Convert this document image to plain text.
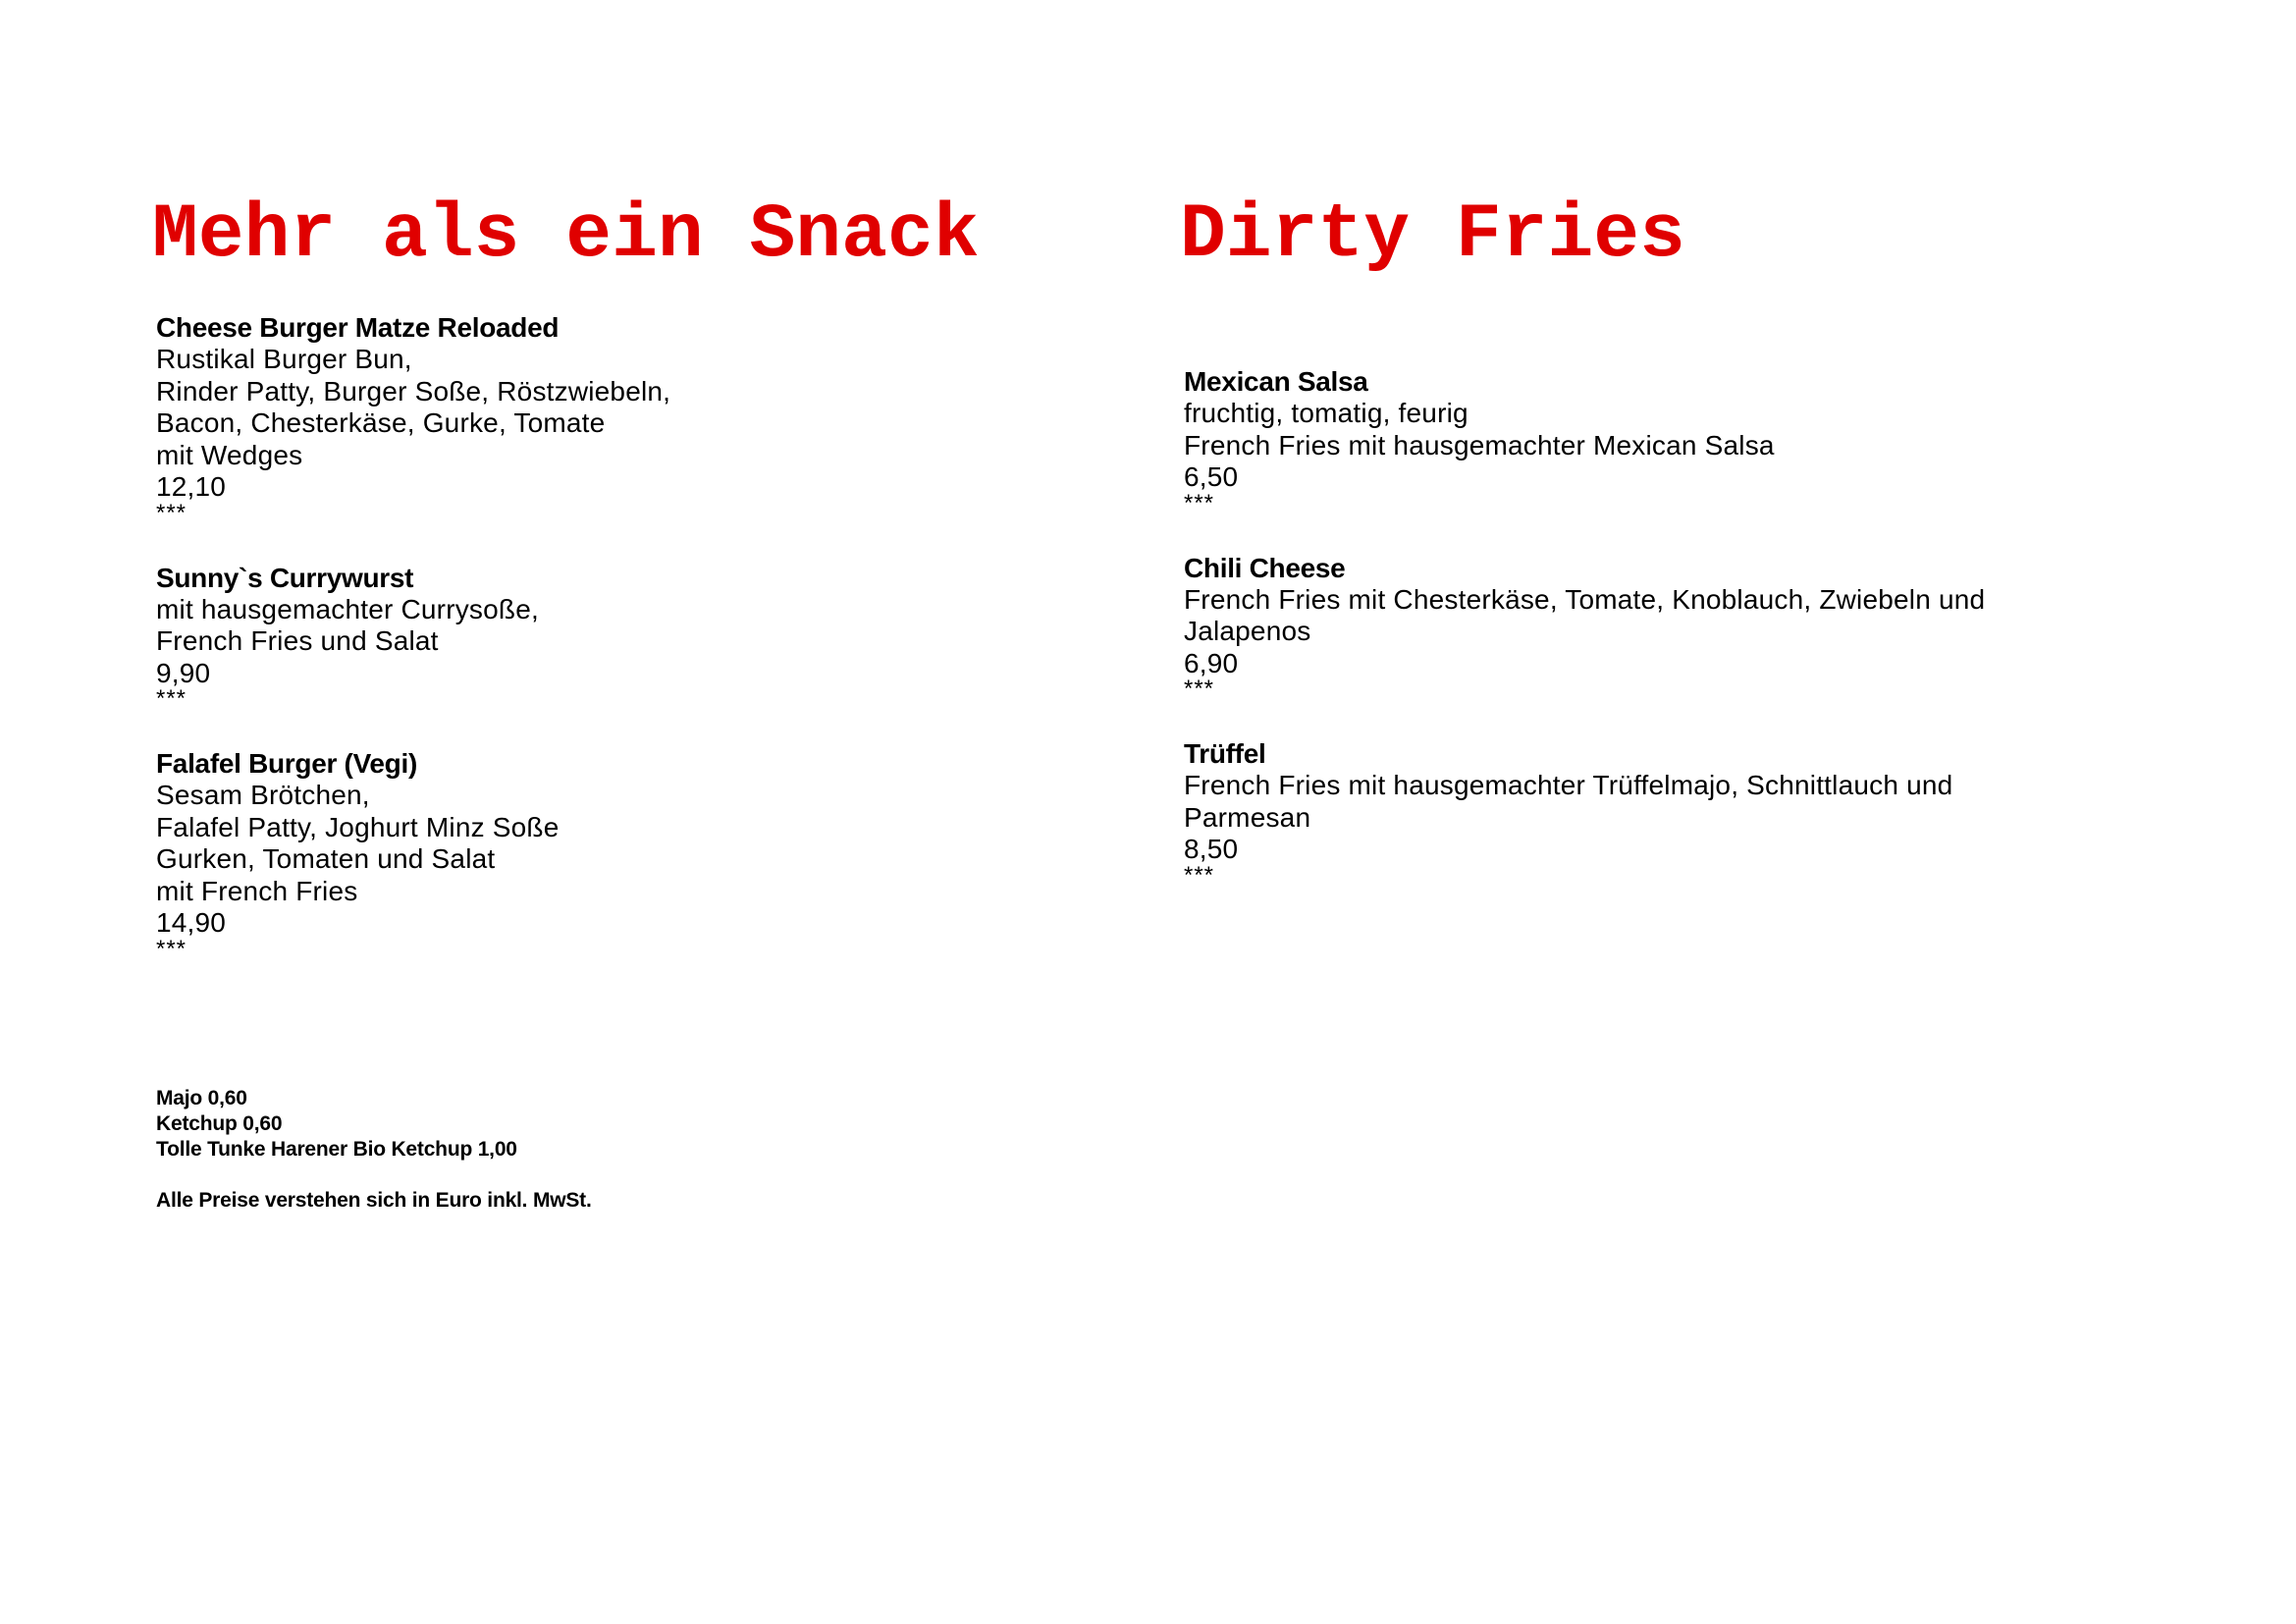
Mehr als ein Snack
Cheese Burger Matze Reloaded
Rustikal Burger Bun,
Rinder Patty, Burger Soße, Röstzwiebeln,
Bacon, Chesterkäse, Gurke, Tomate
mit Wedges
12,10
***
Sunny`s Currywurst
mit hausgemachter Currysoße,
French Fries und Salat
9,90
***
Falafel Burger (Vegi)
Sesam Brötchen,
Falafel Patty, Joghurt Minz Soße
Gurken, Tomaten und Salat
mit French Fries
14,90
***
Majo 0,60
Ketchup 0,60
Tolle Tunke Harener Bio Ketchup 1,00
Alle Preise verstehen sich in Euro inkl. MwSt.
Dirty Fries
Mexican Salsa
fruchtig, tomatig, feurig
French Fries mit hausgemachter Mexican Salsa
6,50
***
Chili Cheese
French Fries mit Chesterkäse, Tomate, Knoblauch, Zwiebeln und Jalapenos
6,90
***
Trüffel
French Fries mit hausgemachter Trüffelmajo, Schnittlauch und Parmesan
8,50
***
